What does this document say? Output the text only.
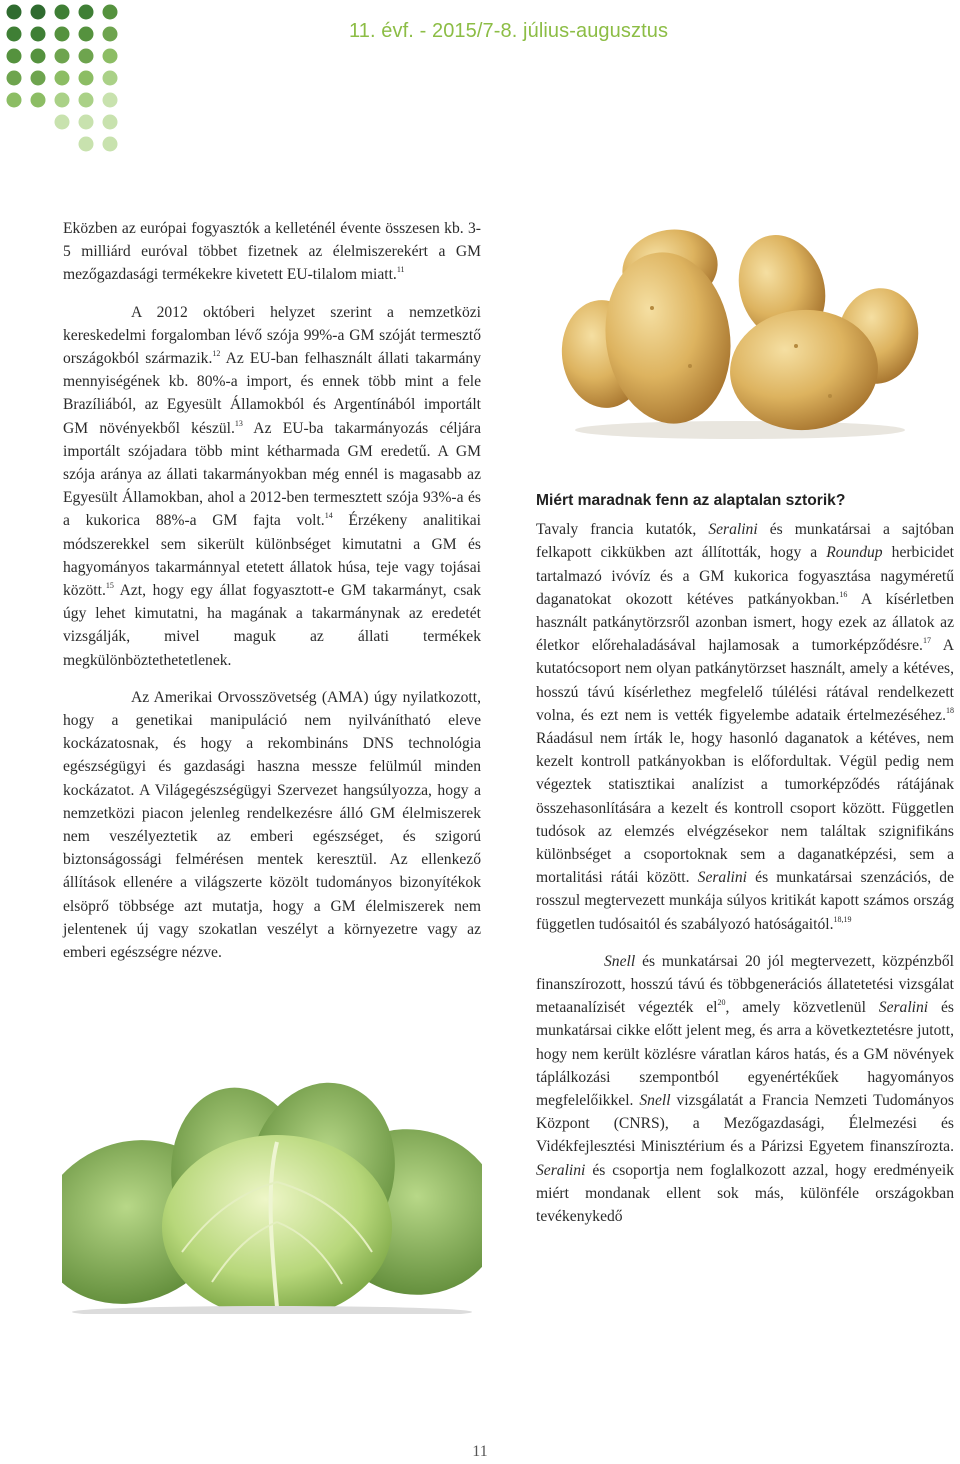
11. évf. - 2015/7-8. július-augusztus

Eközben az európai fogyasztók a kelleténél évente összesen kb. 3-5 milliárd euróval többet fizetnek az élelmiszerekért a GM mezőgazdasági termékekre kivetett EU-tilalom miatt.$^{11}$

A 2012 októberi helyzet szerint a nemzetközi kereskedelmi forgalomban lévő szója 99%-a GM szóját termesztő országokból származik.$^{12}$ Az EU-ban felhasznált állati takarmány mennyiségének kb. 80%-a import, és ennek több mint a fele Brazíliából, az Egyesült Államokból és Argentínából importált GM növényekből készül.$^{13}$ Az EU-ba takarmányozás céljára importált szójadara több mint kétharmada GM eredetű. A GM szója aránya az állati takarmányokban még ennél is magasabb az Egyesült Államokban, ahol a 2012-ben termesztett szója 93%-a és a kukorica 88%-a GM fajta volt.$^{14}$ Érzékeny analitikai módszerekkel sem sikerült különbséget kimutatni a GM és hagyományos takarmánnyal etetett állatok húsa, teje vagy tojásai között.$^{15}$ Azt, hogy egy állat fogyasztott-e GM takarmányt, csak úgy lehet kimutatni, ha magának a takarmánynak az eredetét vizsgálják, mivel maguk az állati termékek megkülönböztethetetlenek.

Az Amerikai Orvosszövetség (AMA) úgy nyilatkozott, hogy a genetikai manipuláció nem nyilvánítható eleve kockázatosnak, és hogy a rekombináns DNS technológia egészségügyi és gazdasági haszna messze felülmúl minden kockázatot. A Világegészségügyi Szervezet hangsúlyozza, hogy a nemzetközi piacon jelenleg rendelkezésre álló GM élelmiszerek nem veszélyeztetik az emberi egészséget, és szigorú biztonságossági felmérésen mentek keresztül. Az ellenkező állítások ellenére a világszerte közölt tudományos bizonyítékok elsöprő többsége azt mutatja, hogy a GM élelmiszerek nem jelentenek új vagy szokatlan veszélyt a környezetre vagy az emberi egészségre nézve.

Miért maradnak fenn az alaptalan sztorik?

Tavaly francia kutatók, Seralini és munkatársai a sajtóban felkapott cikkükben azt állították, hogy a Roundup herbicidet tartalmazó ivóvíz és a GM kukorica fogyasztása nagyméretű daganatokat okozott kétéves patkányokban.$^{16}$ A kísérletben használt patkánytörzsről azonban ismert, hogy ezek az állatok az életkor előrehaladásával hajlamosak a tumorképződésre.$^{17}$ A kutatócsoport nem olyan patkánytörzset használt, amely a kétéves, hosszú távú kísérlethez megfelelő túlélési rátával rendelkezett volna, és ezt nem is vették figyelembe adataik értelmezéséhez.$^{18}$ Ráadásul nem írták le, hogy hasonló daganatok a kétéves, nem kezelt kontroll patkányokban is előfordultak. Végül pedig nem végeztek statisztikai analízist a tumorképződés rátájának összehasonlítására a kezelt és kontroll csoport között. Független tudósok az elemzés elvégzésekor nem találtak szignifikáns különbséget a csoportoknak sem a daganatképzési, sem a mortalitási rátái között. Seralini és munkatársai szenzációs, de rosszul megtervezett munkája súlyos kritikát kapott számos ország független tudósaitól és szabályozó hatóságaitól.$^{18,19}$

Snell és munkatársai 20 jól megtervezett, közpénzből finanszírozott, hosszú távú és többgenerációs állatetetési vizsgálat metaanalízisét végezték $el^{20}$, amely közvetlenül Seralini és munkatársai cikke előtt jelent meg, és arra a következtetésre jutott, hogy nem került közlésre váratlan káros hatás, és a GM növények táplálkozási szempontból egyenértékűek hagyományos megfelelőikkel. Snell vizsgálatát a Francia Nemzeti Tudományos Központ (CNRS), a Mezőgazdasági, Élelmezési és Vidékfejlesztési Minisztérium és a Párizsi Egyetem finanszírozta. Seralini és csoportja nem foglalkozott azzal, hogy eredményeik miért mondanak ellent sok más, különféle országokban tevékenykedő

11
